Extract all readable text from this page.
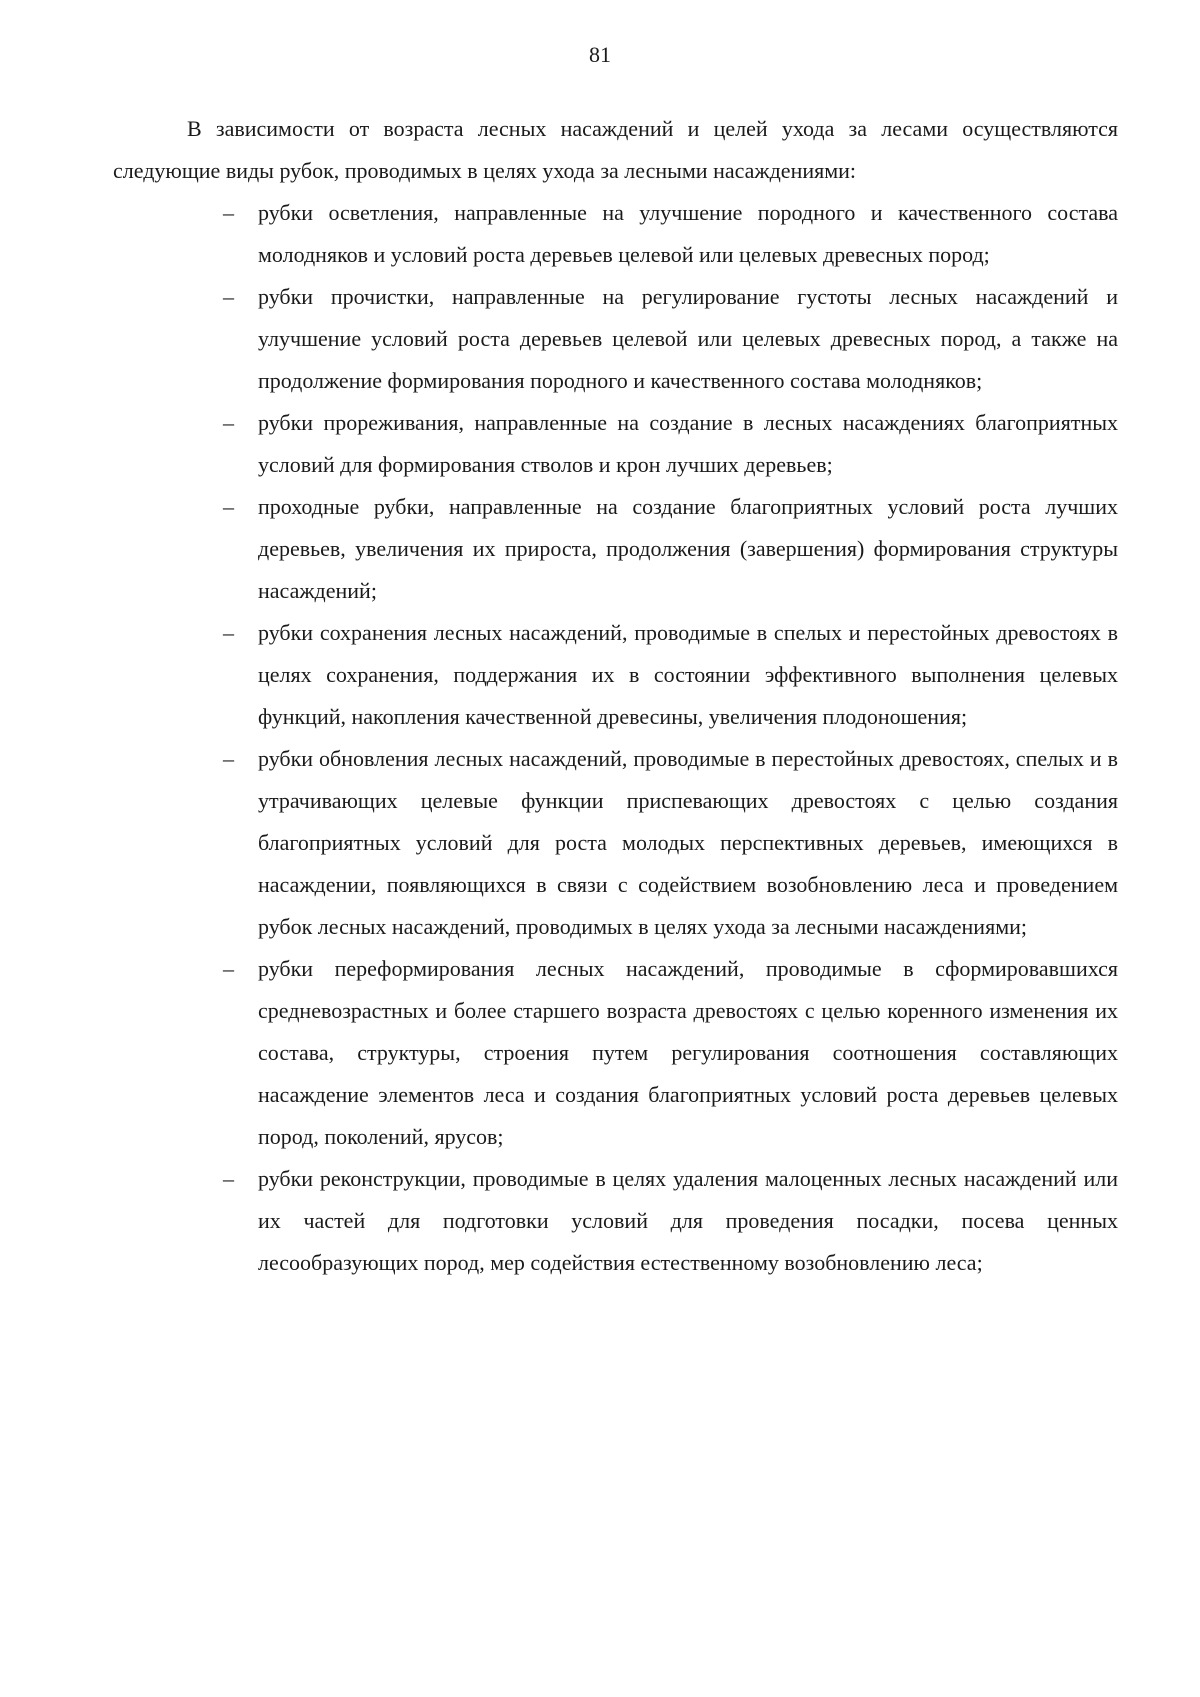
81

В зависимости от возраста лесных насаждений и целей ухода за лесами осуществляются следующие виды рубок, проводимых в целях ухода за лесными насаждениями:

– рубки осветления, направленные на улучшение породного и качественного состава молодняков и условий роста деревьев целевой или целевых древесных пород;
– рубки прочистки, направленные на регулирование густоты лесных насаждений и улучшение условий роста деревьев целевой или целевых древесных пород, а также на продолжение формирования породного и качественного состава молодняков;
– рубки прореживания, направленные на создание в лесных насаждениях благоприятных условий для формирования стволов и крон лучших деревьев;
– проходные рубки, направленные на создание благоприятных условий роста лучших деревьев, увеличения их прироста, продолжения (завершения) формирования структуры насаждений;
– рубки сохранения лесных насаждений, проводимые в спелых и перестойных древостоях в целях сохранения, поддержания их в состоянии эффективного выполнения целевых функций, накопления качественной древесины, увеличения плодоношения;
– рубки обновления лесных насаждений, проводимые в перестойных древостоях, спелых и в утрачивающих целевые функции приспевающих древостоях с целью создания благоприятных условий для роста молодых перспективных деревьев, имеющихся в насаждении, появляющихся в связи с содействием возобновлению леса и проведением рубок лесных насаждений, проводимых в целях ухода за лесными насаждениями;
– рубки переформирования лесных насаждений, проводимые в сформировавшихся средневозрастных и более старшего возраста древостоях с целью коренного изменения их состава, структуры, строения путем регулирования соотношения составляющих насаждение элементов леса и создания благоприятных условий роста деревьев целевых пород, поколений, ярусов;
– рубки реконструкции, проводимые в целях удаления малоценных лесных насаждений или их частей для подготовки условий для проведения посадки, посева ценных лесообразующих пород, мер содействия естественному возобновлению леса;
